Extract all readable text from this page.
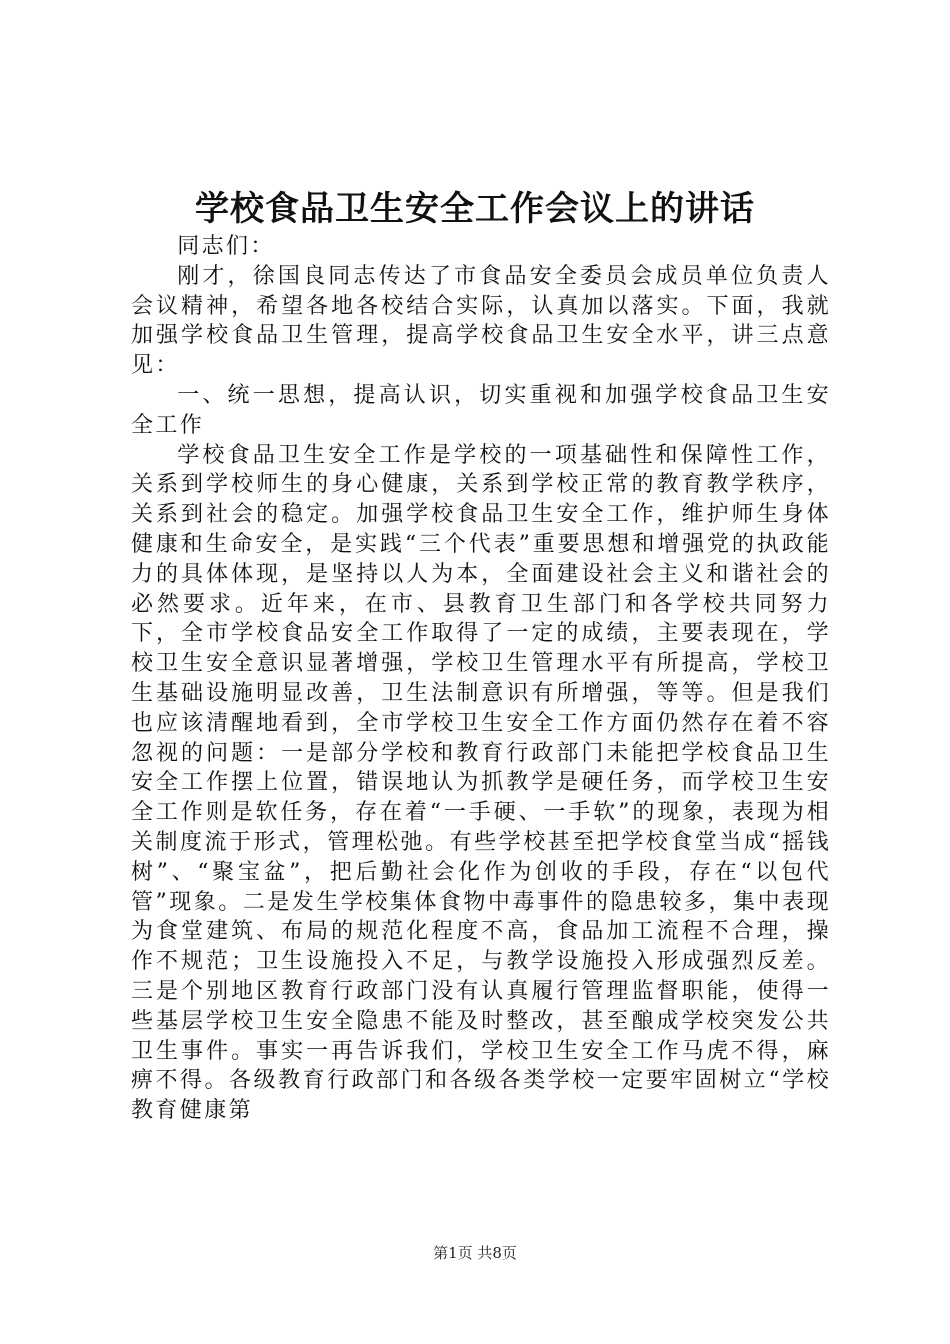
学校食品卫生安全工作会议上的讲话

同志们：

刚才，徐国良同志传达了市食品安全委员会成员单位负责人会议精神，希望各地各校结合实际，认真加以落实。下面，我就加强学校食品卫生管理，提高学校食品卫生安全水平，讲三点意见：

一、统一思想，提高认识，切实重视和加强学校食品卫生安全工作

学校食品卫生安全工作是学校的一项基础性和保障性工作，关系到学校师生的身心健康，关系到学校正常的教育教学秩序，关系到社会的稳定。加强学校食品卫生安全工作，维护师生身体健康和生命安全，是实践“三个代表”重要思想和增强党的执政能力的具体体现，是坚持以人为本，全面建设社会主义和谐社会的必然要求。近年来，在市、县教育卫生部门和各学校共同努力下，全市学校食品安全工作取得了一定的成绩，主要表现在，学校卫生安全意识显著增强，学校卫生管理水平有所提高，学校卫生基础设施明显改善，卫生法制意识有所增强，等等。但是我们也应该清醒地看到，全市学校卫生安全工作方面仍然存在着不容忽视的问题：一是部分学校和教育行政部门未能把学校食品卫生安全工作摆上位置，错误地认为抓教学是硬任务，而学校卫生安全工作则是软任务，存在着“一手硬、一手软”的现象，表现为相关制度流于形式，管理松弛。有些学校甚至把学校食堂当成“摇钱树”、“聚宝盆”，把后勤社会化作为创收的手段，存在“以包代管”现象。二是发生学校集体食物中毒事件的隐患较多，集中表现为食堂建筑、布局的规范化程度不高，食品加工流程不合理，操作不规范；卫生设施投入不足，与教学设施投入形成强烈反差。三是个别地区教育行政部门没有认真履行管理监督职能，使得一些基层学校卫生安全隐患不能及时整改，甚至酿成学校突发公共卫生事件。事实一再告诉我们，学校卫生安全工作马虎不得，麻痹不得。各级教育行政部门和各级各类学校一定要牢固树立“学校教育健康第

第1页 共8页
